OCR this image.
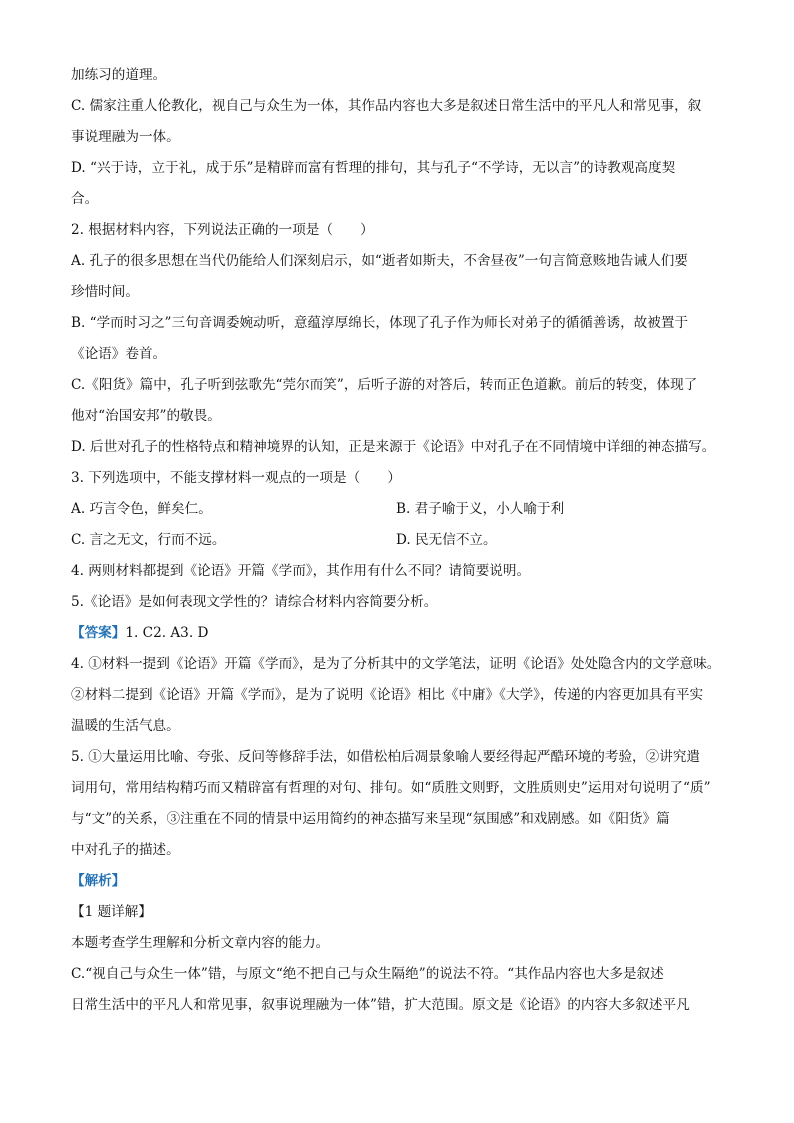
加练习的道理。
C. 儒家注重人伦教化，视自己与众生为一体，其作品内容也大多是叙述日常生活中的平凡人和常见事，叙
事说理融为一体。
D. “兴于诗，立于礼，成于乐”是精辟而富有哲理的排句，其与孔子“不学诗，无以言”的诗教观高度契
合。
2. 根据材料内容，下列说法正确的一项是（　　）
A. 孔子的很多思想在当代仍能给人们深刻启示，如“逝者如斯夫，不舍昼夜”一句言简意赅地告诫人们要
珍惜时间。
B. “学而时习之”三句音调委婉动听，意蕴淳厚绵长，体现了孔子作为师长对弟子的循循善诱，故被置于
《论语》卷首。
C.《阳货》篇中，孔子听到弦歌先“莞尔而笑”，后听子游的对答后，转而正色道歉。前后的转变，体现了
他对“治国安邦”的敬畏。
D. 后世对孔子的性格特点和精神境界的认知，正是来源于《论语》中对孔子在不同情境中详细的神态描写。
3. 下列选项中，不能支撑材料一观点的一项是（　　）
A. 巧言令色，鲜矣仁。	B. 君子喻于义，小人喻于利
C. 言之无文，行而不远。	D. 民无信不立。
4. 两则材料都提到《论语》开篇《学而》，其作用有什么不同？请简要说明。
5.《论语》是如何表现文学性的？请综合材料内容简要分析。
【答案】1. C2. A3. D
4. ①材料一提到《论语》开篇《学而》，是为了分析其中的文学笔法，证明《论语》处处隐含内的文学意味。
②材料二提到《论语》开篇《学而》，是为了说明《论语》相比《中庸》《大学》，传递的内容更加具有平实
温暖的生活气息。
5. ①大量运用比喻、夸张、反问等修辞手法，如借松柏后凋景象喻人要经得起严酷环境的考验，②讲究遣
词用句，常用结构精巧而又精辟富有哲理的对句、排句。如“质胜文则野，文胜质则史”运用对句说明了“质”
与“文”的关系，③注重在不同的情景中运用简约的神态描写来呈现“氛围感”和戏剧感。如《阳货》篇
中对孔子的描述。
【解析】
【1 题详解】
本题考查学生理解和分析文章内容的能力。
C.“视自己与众生一体”错，与原文“绝不把自己与众生隔绝”的说法不符。“其作品内容也大多是叙述
日常生活中的平凡人和常见事，叙事说理融为一体”错，扩大范围。原文是《论语》的内容大多叙述平凡
